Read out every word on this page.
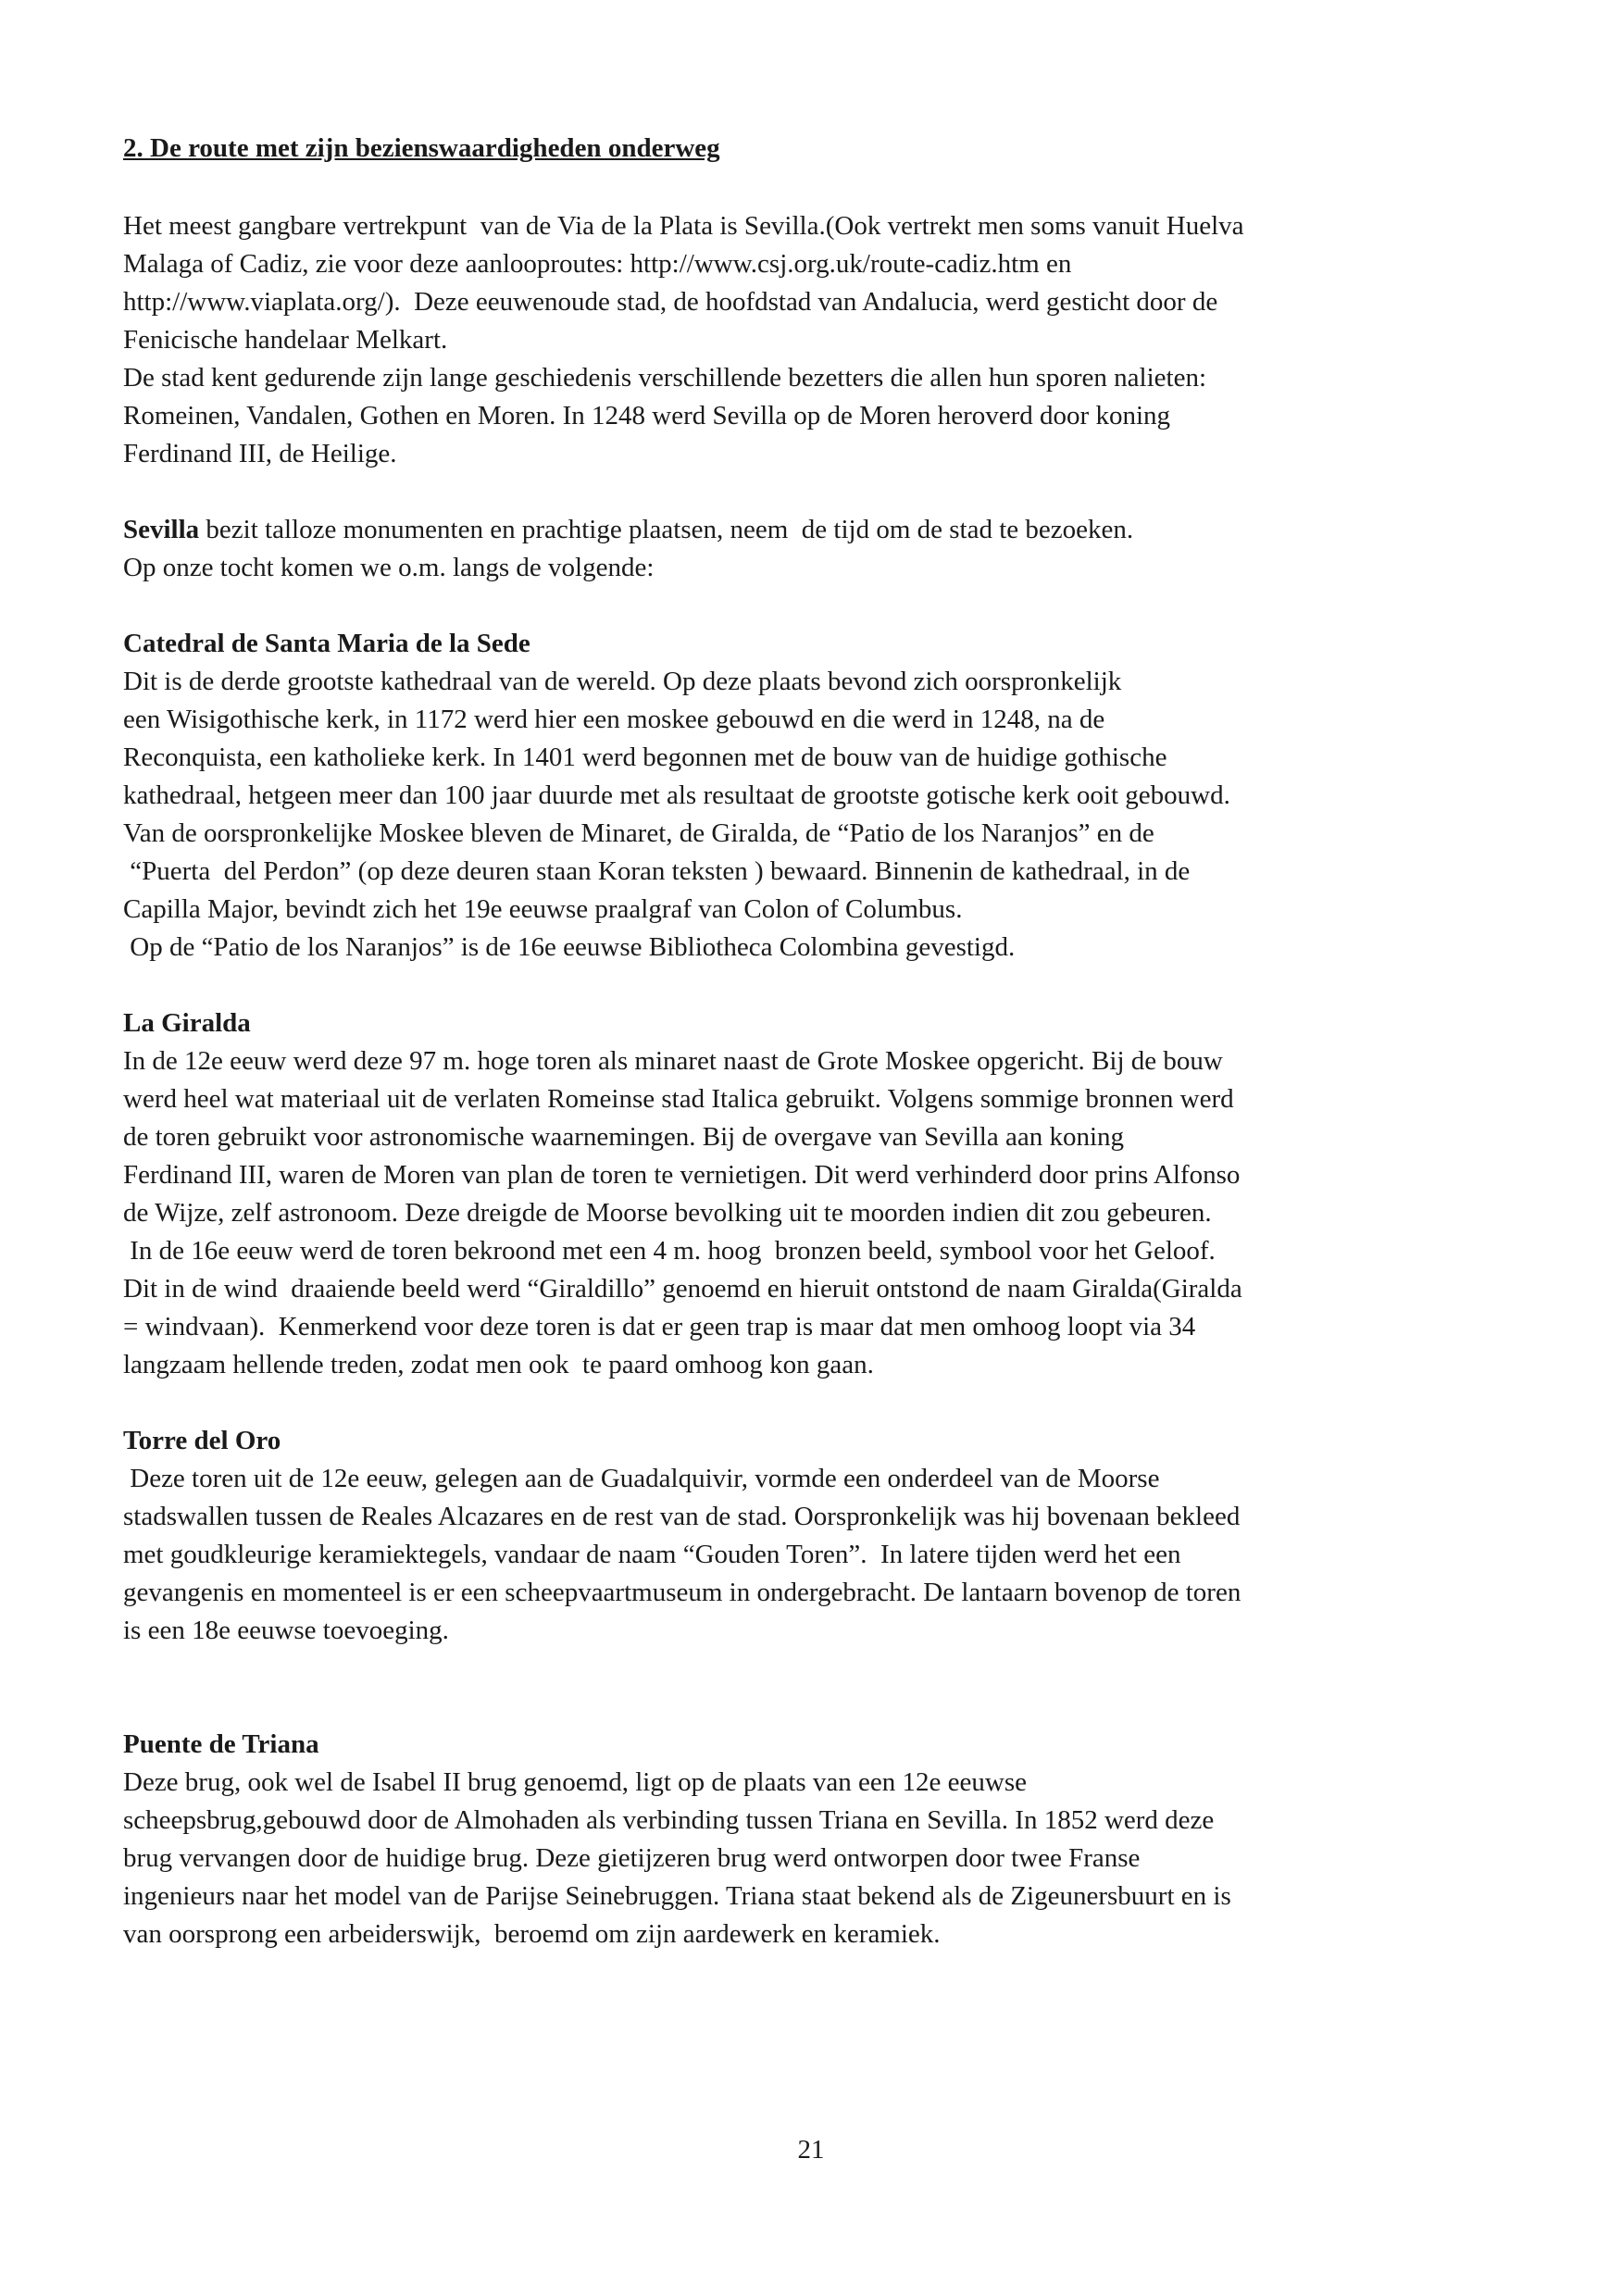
2. De route met zijn bezienswaardigheden onderweg
Het meest gangbare vertrekpunt  van de Via de la Plata is Sevilla.(Ook vertrekt men soms vanuit Huelva
Malaga of Cadiz, zie voor deze aanlooproutes: http://www.csj.org.uk/route-cadiz.htm en
http://www.viaplata.org/).  Deze eeuwenoude stad, de hoofdstad van Andalucia, werd gesticht door de
Fenicische handelaar Melkart.
De stad kent gedurende zijn lange geschiedenis verschillende bezetters die allen hun sporen nalieten:
Romeinen, Vandalen, Gothen en Moren. In 1248 werd Sevilla op de Moren heroverd door koning
Ferdinand III, de Heilige.
Sevilla bezit talloze monumenten en prachtige plaatsen, neem  de tijd om de stad te bezoeken.
Op onze tocht komen we o.m. langs de volgende:
Catedral de Santa Maria de la Sede
Dit is de derde grootste kathedraal van de wereld. Op deze plaats bevond zich oorspronkelijk
een Wisigothische kerk, in 1172 werd hier een moskee gebouwd en die werd in 1248, na de
Reconquista, een katholieke kerk. In 1401 werd begonnen met de bouw van de huidige gothische
kathedraal, hetgeen meer dan 100 jaar duurde met als resultaat de grootste gotische kerk ooit gebouwd.
Van de oorspronkelijke Moskee bleven de Minaret, de Giralda, de “Patio de los Naranjos” en de
“Puerta  del Perdon” (op deze deuren staan Koran teksten ) bewaard. Binnenin de kathedraal, in de
Capilla Major, bevindt zich het 19e eeuwse praalgraf van Colon of Columbus.
Op de “Patio de los Naranjos” is de 16e eeuwse Bibliotheca Colombina gevestigd.
La Giralda
In de 12e eeuw werd deze 97 m. hoge toren als minaret naast de Grote Moskee opgericht. Bij de bouw
werd heel wat materiaal uit de verlaten Romeinse stad Italica gebruikt. Volgens sommige bronnen werd
de toren gebruikt voor astronomische waarnemingen. Bij de overgave van Sevilla aan koning
Ferdinand III, waren de Moren van plan de toren te vernietigen. Dit werd verhinderd door prins Alfonso
de Wijze, zelf astronoom. Deze dreigde de Moorse bevolking uit te moorden indien dit zou gebeuren.
In de 16e eeuw werd de toren bekroond met een 4 m. hoog  bronzen beeld, symbool voor het Geloof.
Dit in de wind  draaiende beeld werd “Giraldillo” genoemd en hieruit ontstond de naam Giralda(Giralda
= windvaan).  Kenmerkend voor deze toren is dat er geen trap is maar dat men omhoog loopt via 34
langzaam hellende treden, zodat men ook  te paard omhoog kon gaan.
Torre del Oro
Deze toren uit de 12e eeuw, gelegen aan de Guadalquivir, vormde een onderdeel van de Moorse
stadswallen tussen de Reales Alcazares en de rest van de stad. Oorspronkelijk was hij bovenaan bekleed
met goudkleurige keramiektegels, vandaar de naam “Gouden Toren”.  In latere tijden werd het een
gevangenis en momenteel is er een scheepvaartmuseum in ondergebracht. De lantaarn bovenop de toren
is een 18e eeuwse toevoeging.
Puente de Triana
Deze brug, ook wel de Isabel II brug genoemd, ligt op de plaats van een 12e eeuwse
scheepsbrug,gebouwd door de Almohaden als verbinding tussen Triana en Sevilla. In 1852 werd deze
brug vervangen door de huidige brug. Deze gietijzeren brug werd ontworpen door twee Franse
ingenieurs naar het model van de Parijse Seinebruggen. Triana staat bekend als de Zigeunersbuurt en is
van oorsprong een arbeiderswijk,  beroemd om zijn aardewerk en keramiek.
21
